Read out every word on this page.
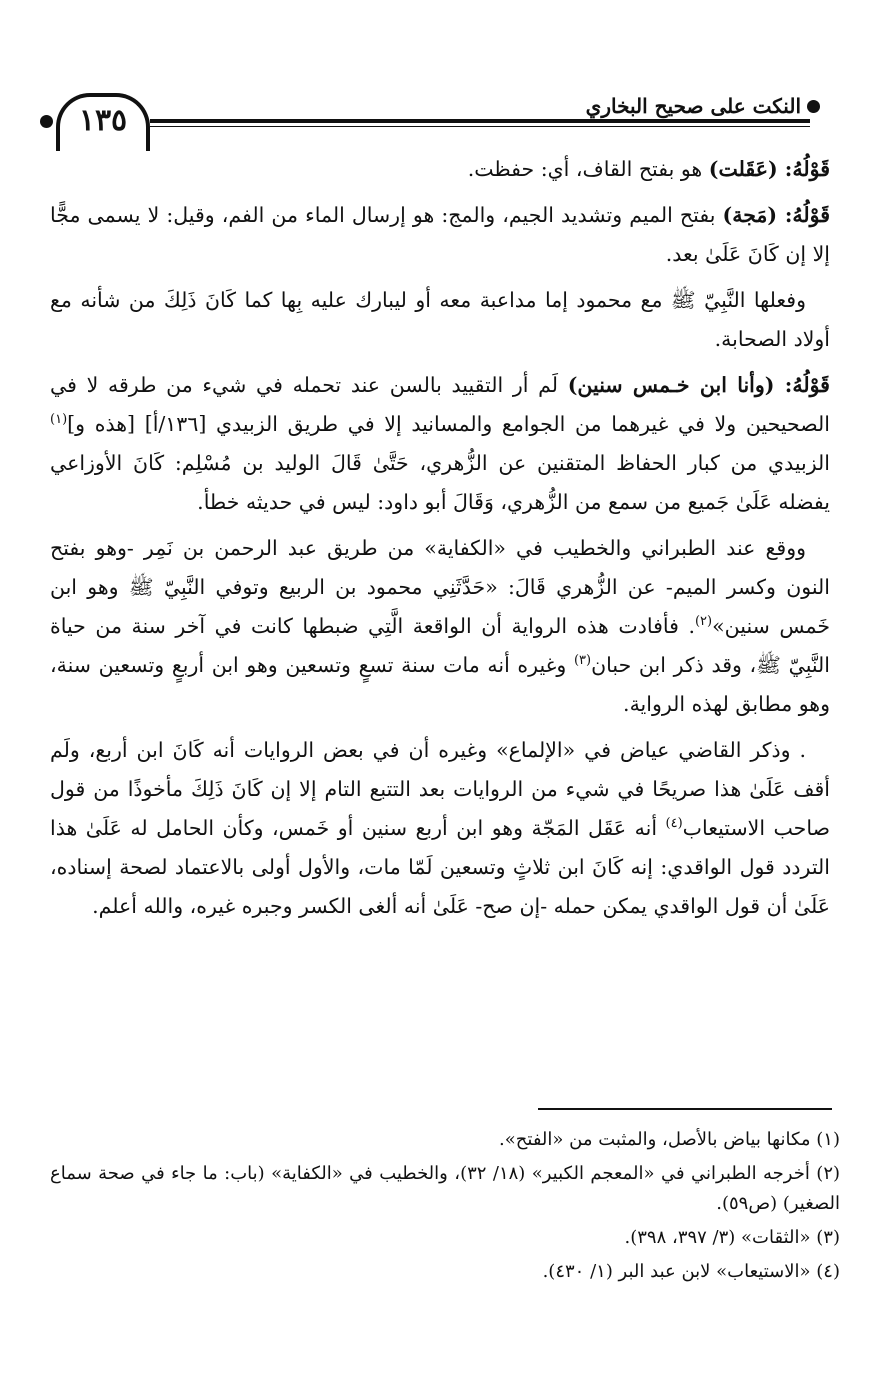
١٣٥	النكت على صحيح البخاري

قَوْلُهُ: (عَقَلت) هو بفتح القاف، أي: حفظت.

قَوْلُهُ: (مَجة) بفتح الميم وتشديد الجيم، والمج: هو إرسال الماء من الفم، وقيل: لا يسمى مجًّا إلا إن كَانَ عَلَىٰ بعد.

وفعلها النَّبِيّ ﷺ مع محمود إما مداعبة معه أو ليبارك عليه بِها كما كَانَ ذَلِكَ من شأنه مع أولاد الصحابة.

قَوْلُهُ: (وأنا ابن خـمس سنين) لَم أر التقييد بالسن عند تحمله في شيء من طرقه لا في الصحيحين ولا في غيرهما من الجوامع والمسانيد إلا في طريق الزبيدي [١٣٦/أ] [هذه و]$^{(١)}$ الزبيدي من كبار الحفاظ المتقنين عن الزُّهري، حَتَّىٰ قَالَ الوليد بن مُسْلِم: كَانَ الأوزاعي يفضله عَلَىٰ جَميع من سمع من الزُّهري، وَقَالَ أبو داود: ليس في حديثه خطأ.

ووقع عند الطبراني والخطيب في «الكفاية» من طريق عبد الرحمن بن نَمِر -وهو بفتح النون وكسر الميم- عن الزُّهري قَالَ: «حَدَّثَنِي محمود بن الربيع وتوفي النَّبِيّ ﷺ وهو ابن خَمس سنين»$^{(٢)}$. فأفادت هذه الرواية أن الواقعة الَّتِي ضبطها كانت في آخر سنة من حياة النَّبِيّ ﷺ، وقد ذكر ابن حبان$^{(٣)}$ وغيره أنه مات سنة تسعٍ وتسعين وهو ابن أربعٍ وتسعين سنة، وهو مطابق لهذه الرواية.

. وذكر القاضي عياض في «الإلماع» وغيره أن في بعض الروايات أنه كَانَ ابن أربع، ولَم أقف عَلَىٰ هذا صريحًا في شيء من الروايات بعد التتبع التام إلا إن كَانَ ذَلِكَ مأخوذًا من قول صاحب الاستيعاب$^{(٤)}$ أنه عَقَل المَجّة وهو ابن أربع سنين أو خَمس، وكأن الحامل له عَلَىٰ هذا التردد قول الواقدي: إنه كَانَ ابن ثلاثٍ وتسعين لَمّا مات، والأول أولى بالاعتماد لصحة إسناده، عَلَىٰ أن قول الواقدي يمكن حمله -إن صح- عَلَىٰ أنه ألغى الكسر وجبره غيره، والله أعلم.

(١) مكانها بياض بالأصل، والمثبت من «الفتح».
(٢) أخرجه الطبراني في «المعجم الكبير» (١٨/ ٣٢)، والخطيب في «الكفاية» (باب: ما جاء في صحة سماع الصغير) (ص٥٩).
(٣) «الثقات» (٣/ ٣٩٧، ٣٩٨).
(٤) «الاستيعاب» لابن عبد البر (١/ ٤٣٠).
